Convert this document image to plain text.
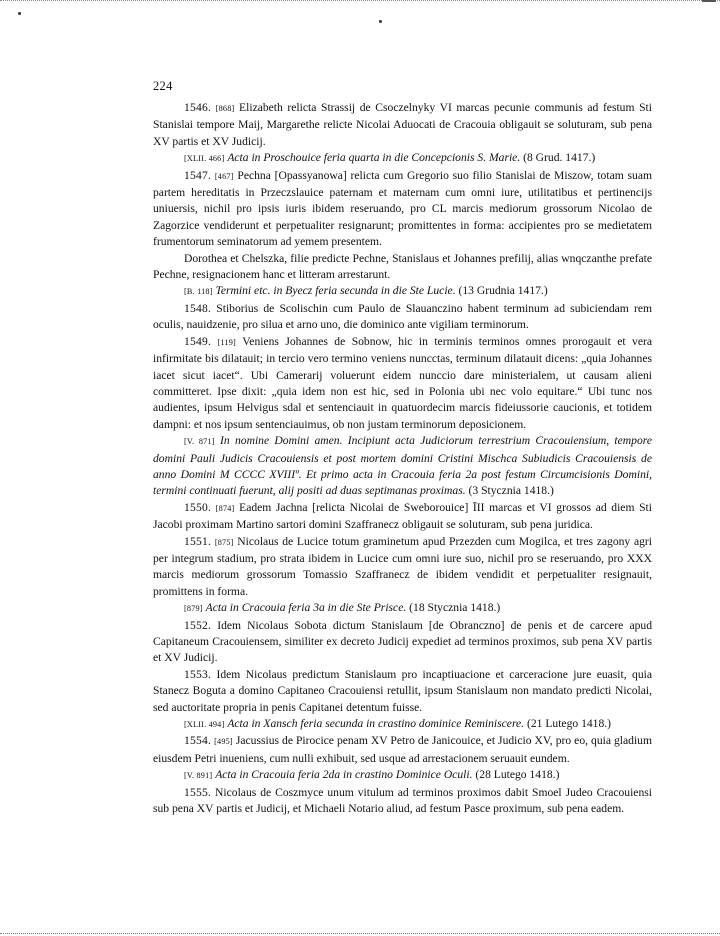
224

1546. [868] Elizabeth relicta Strassij de Csoczelnyky VI marcas pecunie communis ad festum Sti Stanislai tempore Maij, Margarethe relicte Nicolai Aduocati de Cracouia obligauit se soluturam, sub pena XV partis et XV Judicij.

[XLII. 466] Acta in Proschouice feria quarta in die Concepcionis S. Marie. (8 Grud. 1417.)

1547. [467] Pechna [Opassyanowa] relicta cum Gregorio suo filio Stanislai de Miszow, totam suam partem hereditatis in Przeczslauice paternam et maternam cum omni iure, utilitatibus et pertinencijs uniuersis, nichil pro ipsis iuris ibidem reseruando, pro CL marcis mediorum grossorum Nicolao de Zagorzice vendiderunt et perpetualiter resignarunt; promittentes in forma: accipientes pro se medietatem frumentorum seminatorum ad yemem presentem.

Dorothea et Chelszka, filie predicte Pechne, Stanislaus et Johannes prefilij, alias wnqczanthe prefate Pechne, resignacionem hanc et litteram arrestarunt.

[B. 118] Termini etc. in Byecz feria secunda in die Ste Lucie. (13 Grudnia 1417.)

1548. Stiborius de Scolischin cum Paulo de Slauanczino habent terminum ad subiciendam rem oculis, nauidzenie, pro silua et arno uno, die dominico ante vigiliam terminorum.

1549. [119] Veniens Johannes de Sobnow, hic in terminis terminos omnes prorogauit et vera infirmitate bis dilatauit; in tercio vero termino veniens nuncctas, terminum dilatauit dicens: „quia Johannes iacet sicut iacet“. Ubi Camerarij voluerunt eidem nunccio dare ministerialem, ut causam alieni committeret. Ipse dixit: „quia idem non est hic, sed in Polonia ubi nec volo equitare.“ Ubi tunc nos audientes, ipsum Helvigus sdal et sentenciauit in quatuordecim marcis fideiussorie caucionis, et totidem dampni: et nos ipsum sentenciauimus, ob non justam terminorum deposicionem.

[V. 871] In nomine Domini amen. Incipiunt acta Judiciorum terrestrium Cracouiensium, tempore domini Pauli Judicis Cracouiensis et post mortem domini Cristini Mischca Subiudicis Cracouiensis de anno Domini M CCCC XVIIIº. Et primo acta in Cracouia feria 2a post festum Circumcisionis Domini, termini continuati fuerunt, alij positi ad duas septimanas proximas. (3 Stycznia 1418.)

1550. [874] Eadem Jachna [relicta Nicolai de Sweborouice] ĪII marcas et VI grossos ad diem Sti Jacobi proximam Martino sartori domini Szaffranecz obligauit se soluturam, sub pena juridica.

1551. [875] Nicolaus de Lucice totum graminetum apud Przezden cum Mogilca, et tres zagony agri per integrum stadium, pro strata ibidem in Lucice cum omni iure suo, nichil pro se reseruando, pro XXX marcis mediorum grossorum Tomassio Szaffranecz de ibidem vendidit et perpetualiter resignauit, promittens in forma.

[879] Acta in Cracouia feria 3a in die Ste Prisce. (18 Stycznia 1418.)

1552. Idem Nicolaus Sobota dictum Stanislaum [de Obranczno] de penis et de carcere apud Capitaneum Cracouiensem, similiter ex decreto Judicij expediet ad terminos proximos, sub pena XV partis et XV Judicij.

1553. Idem Nicolaus predictum Stanislaum pro incaptiuacione et carceracione jure euasit, quia Stanecz Boguta a domino Capitaneo Cracouiensi retullit, ipsum Stanislaum non mandato predicti Nicolai, sed auctoritate propria in penis Capitanei detentum fuisse.

[XLII. 494] Acta in Xansch feria secunda in crastino dominice Reminiscere. (21 Lutego 1418.)

1554. [495] Jacussius de Pirocice penam XV Petro de Janicouice, et Judicio XV, pro eo, quia gladium eiusdem Petri inueniens, cum nulli exhibuit, sed usque ad arrestacionem seruauit eundem.

[V. 891] Acta in Cracouia feria 2da in crastino Dominice Oculi. (28 Lutego 1418.)

1555. Nicolaus de Coszmyce unum vitulum ad terminos proximos dabit Smoel Judeo Cracouiensi sub pena XV partis et Judicij, et Michaeli Notario aliud, ad festum Pasce proximum, sub pena eadem.
